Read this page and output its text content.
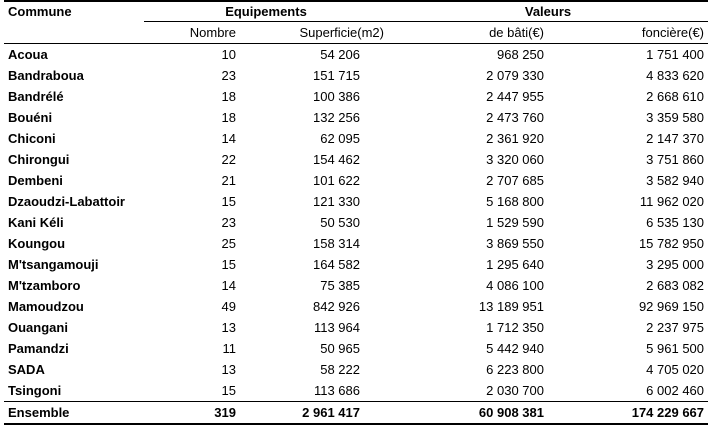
Commune	Equipements		Valeurs	
	Nombre	Superficie(m2)	de bâti(€)	foncière(€)
Acoua	10	54 206	968 250	1 751 400
Bandraboua	23	151 715	2 079 330	4 833 620
Bandrélé	18	100 386	2 447 955	2 668 610
Bouéni	18	132 256	2 473 760	3 359 580
Chiconi	14	62 095	2 361 920	2 147 370
Chirongui	22	154 462	3 320 060	3 751 860
Dembeni	21	101 622	2 707 685	3 582 940
Dzaoudzi-Labattoir	15	121 330	5 168 800	11 962 020
Kani Kéli	23	50 530	1 529 590	6 535 130
Koungou	25	158 314	3 869 550	15 782 950
M'tsangamouji	15	164 582	1 295 640	3 295 000
M'tzamboro	14	75 385	4 086 100	2 683 082
Mamoudzou	49	842 926	13 189 951	92 969 150
Ouangani	13	113 964	1 712 350	2 237 975
Pamandzi	11	50 965	5 442 940	5 961 500
SADA	13	58 222	6 223 800	4 705 020
Tsingoni	15	113 686	2 030 700	6 002 460
Ensemble	319	2 961 417	60 908 381	174 229 667
